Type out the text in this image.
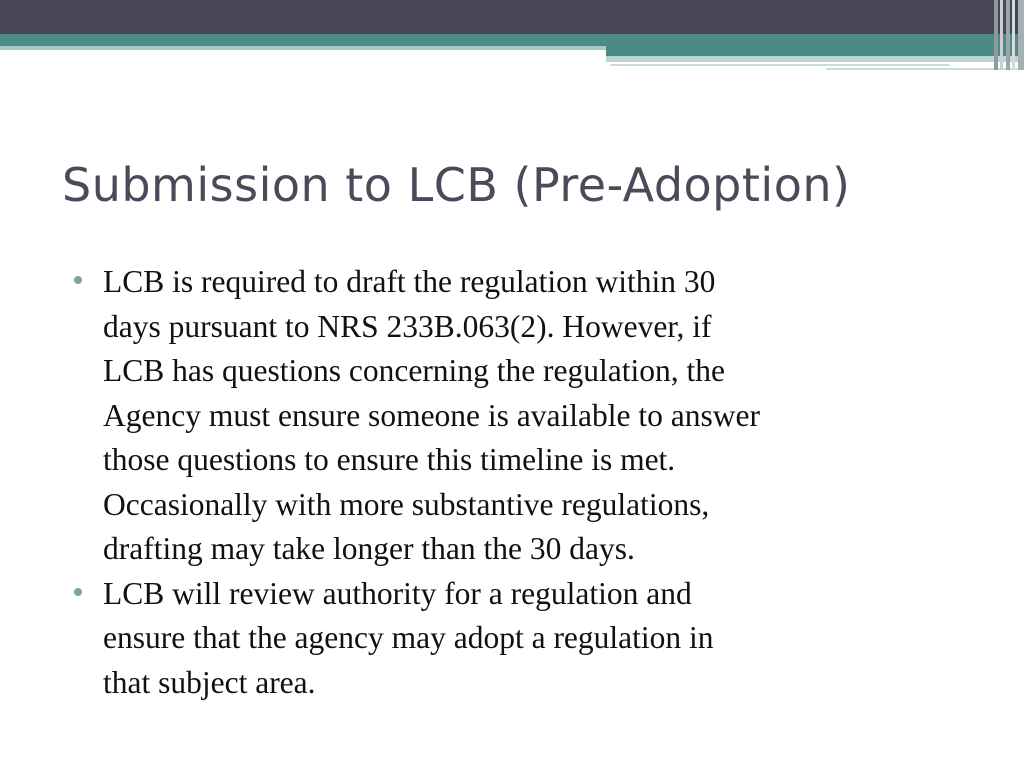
Submission to LCB (Pre-Adoption)
LCB is required to draft the regulation within 30
days pursuant to NRS 233B.063(2). However, if
LCB has questions concerning the regulation, the
Agency must ensure someone is available to answer
those questions to ensure this timeline is met.
Occasionally with more substantive regulations,
drafting may take longer than the 30 days.
LCB will review authority for a regulation and
ensure that the agency may adopt a regulation in
that subject area.
